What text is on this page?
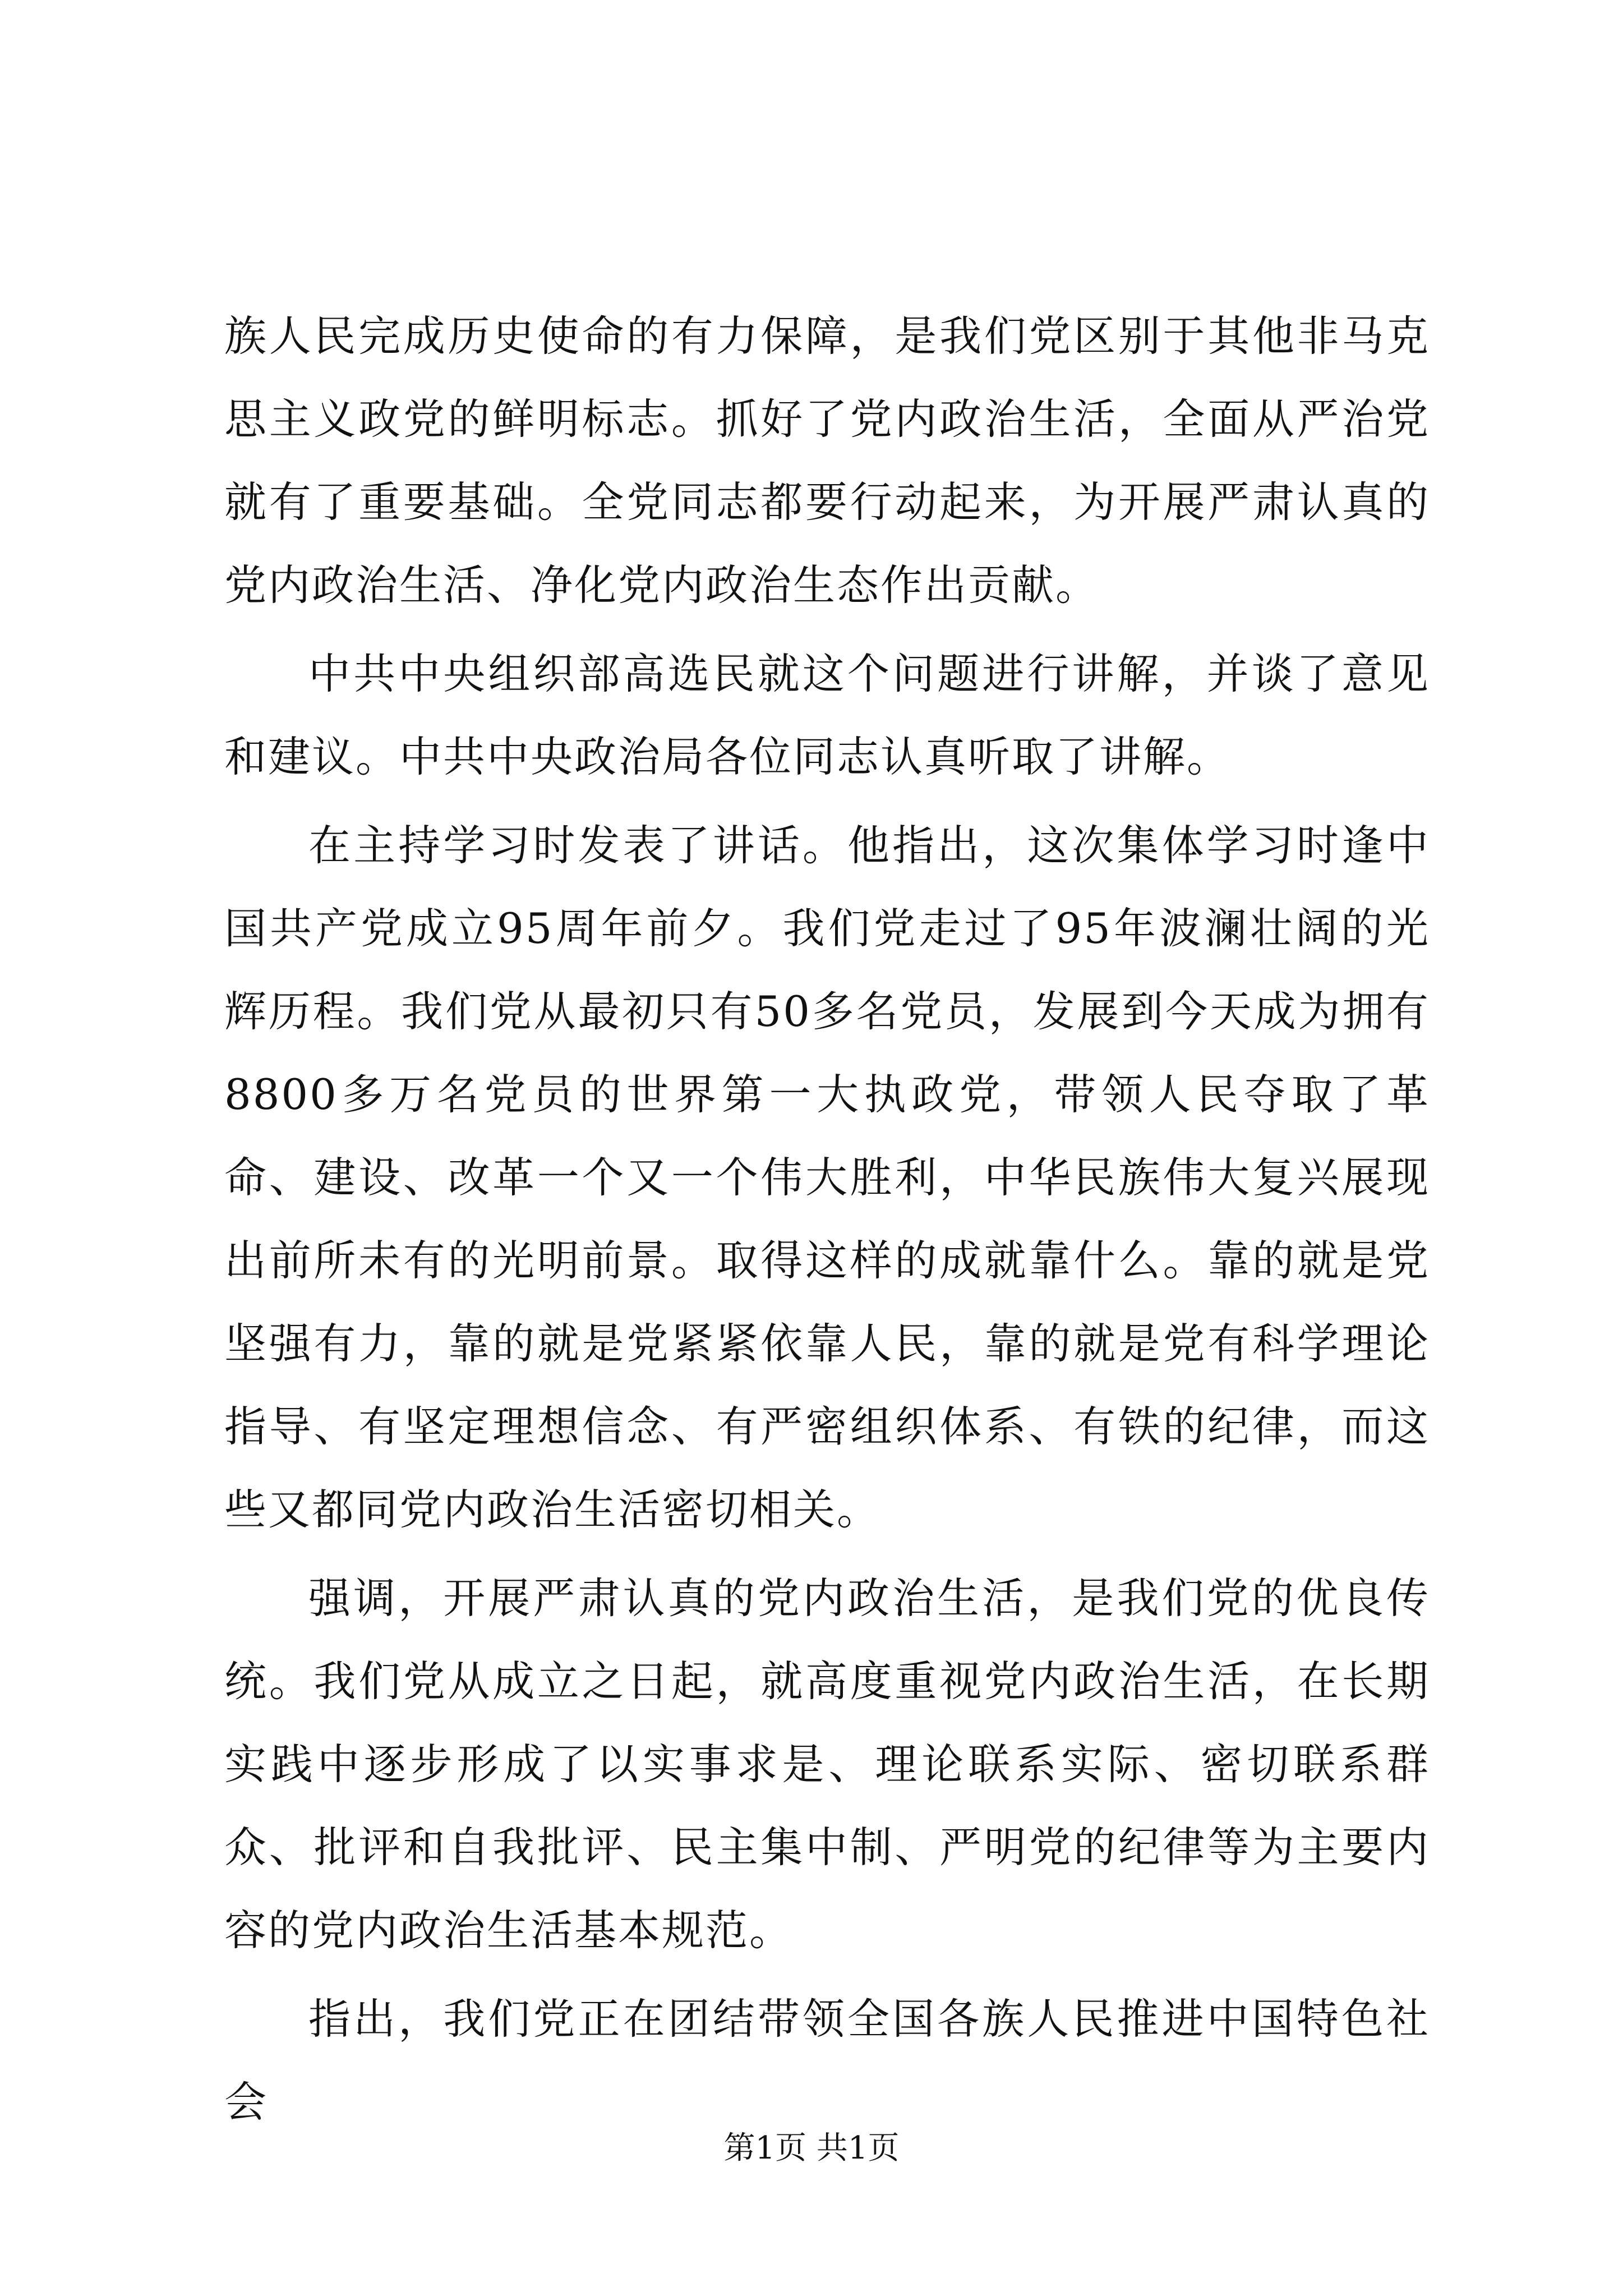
族人民完成历史使命的有力保障，是我们党区别于其他非马克思主义政党的鲜明标志。抓好了党内政治生活，全面从严治党就有了重要基础。全党同志都要行动起来，为开展严肃认真的党内政治生活、净化党内政治生态作出贡献。

中共中央组织部高选民就这个问题进行讲解，并谈了意见和建议。中共中央政治局各位同志认真听取了讲解。

在主持学习时发表了讲话。他指出，这次集体学习时逢中国共产党成立95周年前夕。我们党走过了95年波澜壮阔的光辉历程。我们党从最初只有50多名党员，发展到今天成为拥有8800多万名党员的世界第一大执政党，带领人民夺取了革命、建设、改革一个又一个伟大胜利，中华民族伟大复兴展现出前所未有的光明前景。取得这样的成就靠什么。靠的就是党坚强有力，靠的就是党紧紧依靠人民，靠的就是党有科学理论指导、有坚定理想信念、有严密组织体系、有铁的纪律，而这些又都同党内政治生活密切相关。

强调，开展严肃认真的党内政治生活，是我们党的优良传统。我们党从成立之日起，就高度重视党内政治生活，在长期实践中逐步形成了以实事求是、理论联系实际、密切联系群众、批评和自我批评、民主集中制、严明党的纪律等为主要内容的党内政治生活基本规范。

指出，我们党正在团结带领全国各族人民推进中国特色社会

第1页 共1页
